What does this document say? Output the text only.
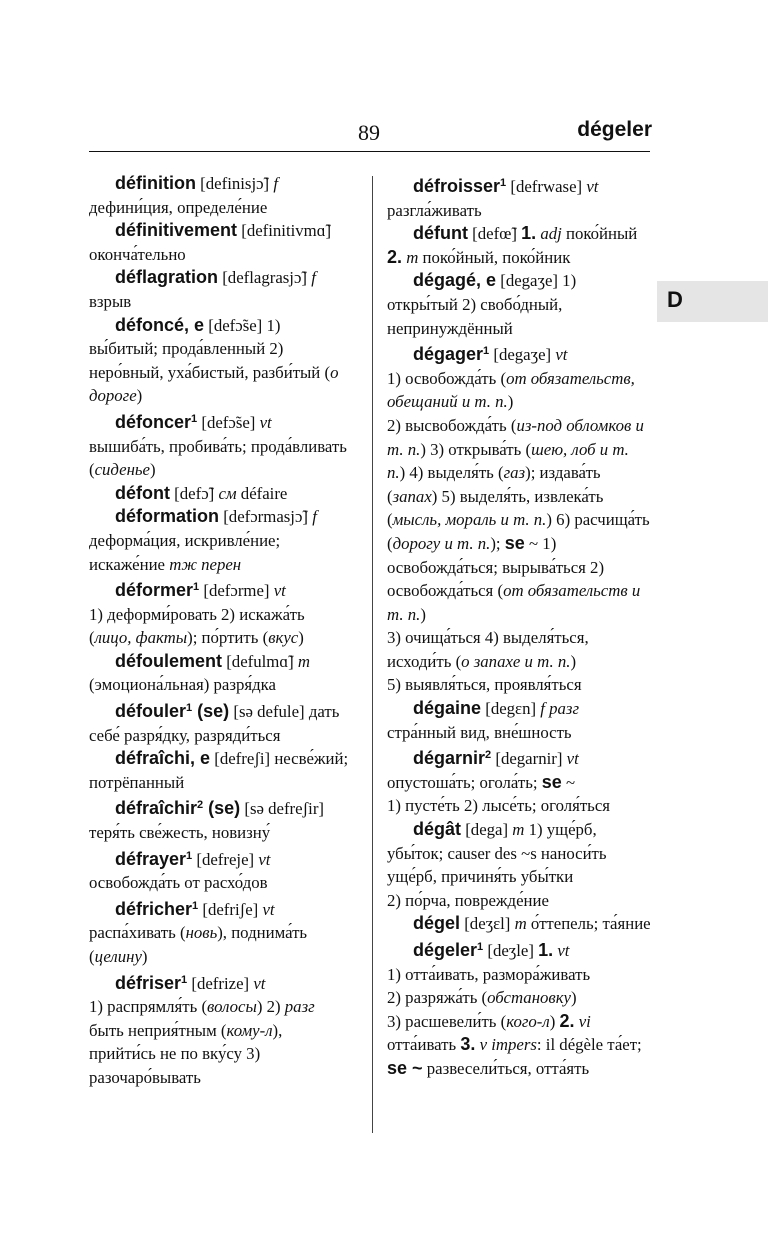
89	dégeler
D

définition [definisjɔ̃] f дефини́ция, определе́ние

définitivement [definitivmɑ̃] оконча́тельно

déflagration [deflagrasjɔ̃] f взрыв

défoncé, e [defɔ̃se] 1) вы́битый; прода́вленный 2) неро́вный, уха́бистый, разби́тый (о дороге)

défoncer$^1$ [defɔ̃se] vt вышиба́ть, пробива́ть; прода́вливать (сиденье)

défont [defɔ̃] см défaire

déformation [defɔrmasjɔ̃] f деформа́ция, искривле́ние; искаже́ние тж перен

déformer$^1$ [defɔrme] vt
1) деформи́ровать 2) искажа́ть (лицо, факты); по́ртить (вкус)

défoulement [defulmɑ̃] m (эмоциона́льная) разря́дка

défouler$^1$ (se) [sə defule] дать себе́ разря́дку, разряди́ться

défraîchi, e [defreʃi] несве́жий; потрёпанный

défraîchir$^2$ (se) [sə defreʃir] теря́ть све́жесть, новизну́

défrayer$^1$ [defreje] vt освобожда́ть от расхо́дов

défricher$^1$ [defriʃe] vt распа́хивать (новь), поднима́ть (целину)

défriser$^1$ [defrize] vt
1) распрямля́ть (волосы) 2) разг быть неприя́тным (кому-л), прийти́сь не по вку́су 3) разочаро́вывать

défroisser$^1$ [defrwase] vt разгла́живать

défunt [defœ̃] 1. adj поко́йный 2. m поко́йный, поко́йник

dégagé, e [degaʒe] 1) откры́тый 2) свобо́дный, непринуждённый

dégager$^1$ [degaʒe] vt
1) освобожда́ть (от обязательств, обещаний и т. п.)
2) высвобожда́ть (из-под обломков и т. п.) 3) открыва́ть (шею, лоб и т. п.) 4) выделя́ть (газ); издава́ть (запах) 5) выделя́ть, извлека́ть (мысль, мораль и т. п.) 6) расчища́ть (дорогу и т. п.); se ~ 1) освобожда́ться; вырыва́ться 2) освобожда́ться (от обязательств и т. п.)
3) очища́ться 4) выделя́ться, исходи́ть (о запахе и т. п.)
5) выявля́ться, проявля́ться

dégaine [degɛn] f разг стра́нный вид, вне́шность

dégarnir$^2$ [degarnir] vt опустоша́ть; огола́ть; se ~
1) пусте́ть 2) лысе́ть; оголя́ться

dégât [dega] m 1) уще́рб, убы́ток; causer des ~s наноси́ть уще́рб, причиня́ть убы́тки
2) по́рча, поврежде́ние

dégel [deʒɛl] m о́ттепель; та́яние

dégeler$^1$ [deʒle] 1. vt
1) отта́ивать, размора́живать
2) разряжа́ть (обстановку)
3) расшевели́ть (кого-л) 2. vi отта́ивать 3. v impers: il dégèle та́ет; se ~ развесели́ться, отта́ять
